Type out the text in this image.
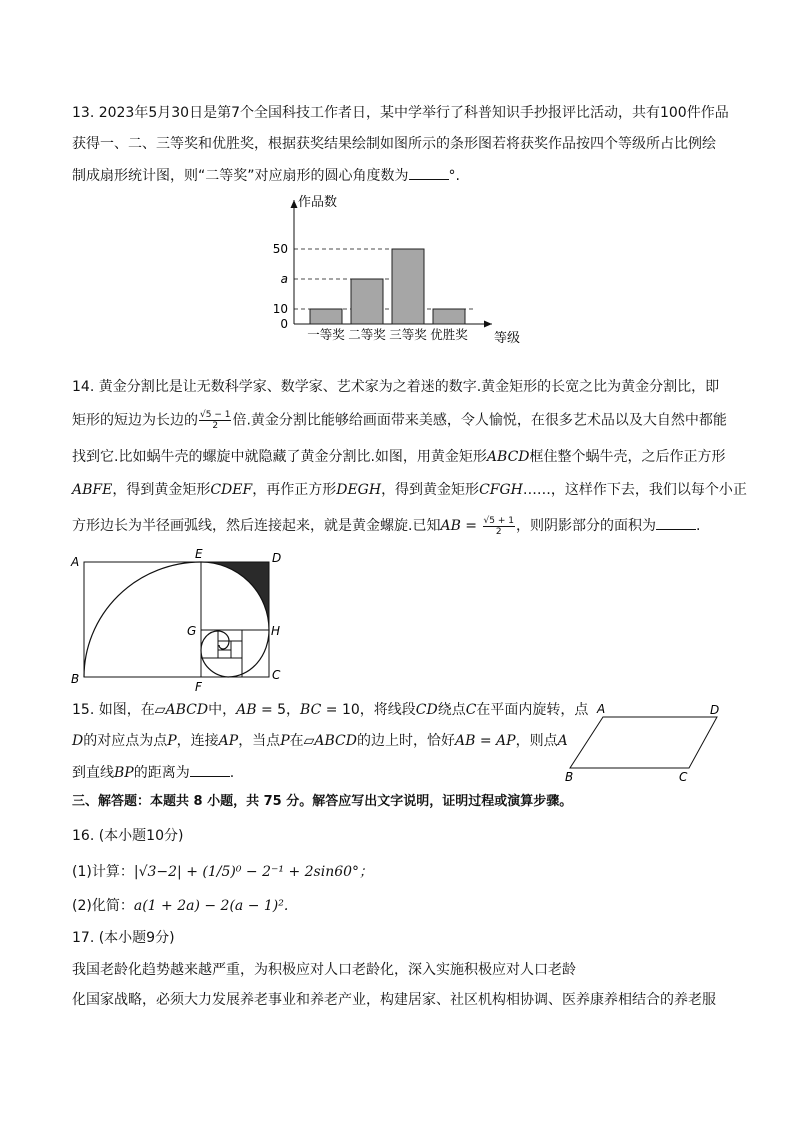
13. 2023年5月30日是第7个全国科技工作者日，某中学举行了科普知识手抄报评比活动，共有100件作品
获得一、二、三等奖和优胜奖，根据获奖结果绘制如图所示的条形图若将获奖作品按四个等级所占比例绘
制成扇形统计图，则“二等奖”对应扇形的圆心角度数为	°.
10
a
50
0
一等奖 二等奖 三等奖 优胜奖
作品数
等级
14. 黄金分割比是让无数科学家、数学家、艺术家为之着迷的数字.黄金矩形的长宽之比为黄金分割比，即
矩形的短边为长边的 $\frac{√5 - 1}{2}$ 倍.黄金分割比能够给画面带来美感，令人愉悦，在很多艺术品以及大自然中都能
找到它.比如蜗牛壳的螺旋中就隐藏了黄金分割比.如图，用黄金矩形ABCD框住整个蜗牛壳，之后作正方形
ABFE，得到黄金矩形CDEF，再作正方形DEGH，得到黄金矩形CFGH……，这样作下去，我们以每个小正
方形边长为半径画弧线，然后连接起来，就是黄金螺旋.已知AB = $\frac{√5 + 1}{2}$ ，则阴影部分的面积为	.
A
B	C
D
E
F
G	H
15. 如图，在▱ABCD中，AB = 5，BC = 10，将线段CD绕点C在平面内旋转，点
D的对应点为点P，连接AP，当点P在▱ABCD的边上时，恰好AB = AP，则点A
到直线BP的距离为	.
A	D
B	C
三、解答题：本题共 8 小题，共 75 分。解答应写出文字说明，证明过程或演算步骤。
16. (本小题10分)
(1)计算：|√3−2| + (1/5)⁰ − 2⁻¹ + 2sin60°；
(2)化简：a(1 + 2a) − 2(a − 1)².
17. (本小题9分)
我国老龄化趋势越来越严重，为积极应对人口老龄化，深入实施积极应对人口老龄
化国家战略，必须大力发展养老事业和养老产业，构建居家、社区机构相协调、医养康养相结合的养老服
